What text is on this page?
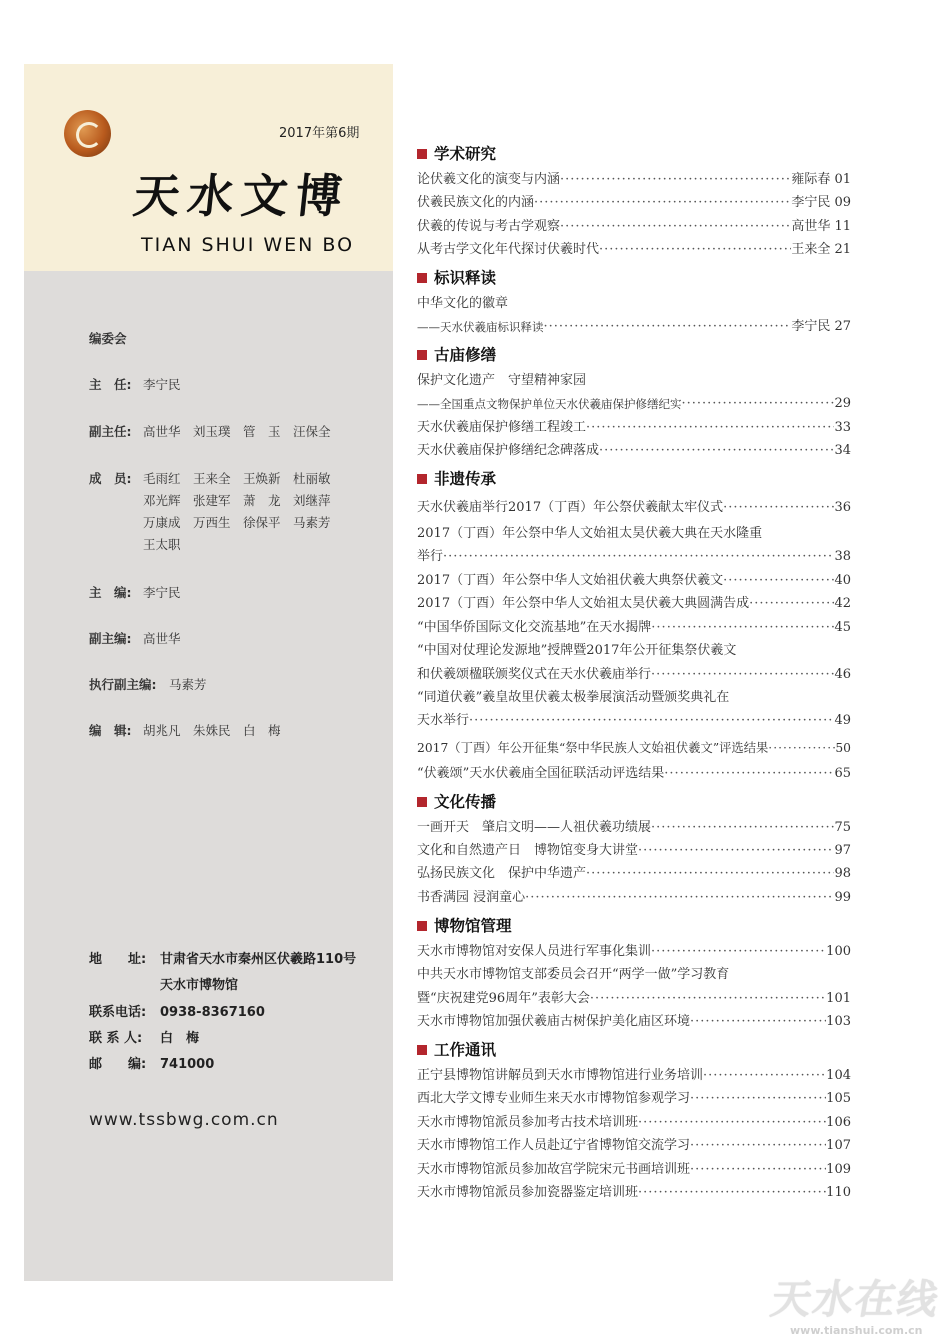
2017年第6期
天水文博
TIAN SHUI WEN BO
编委会
主　任: 李宁民
副主任: 高世华　刘玉璞　管　玉　汪保全
成　员: 毛雨红　王来全　王焕新　杜丽敏
邓光辉　张建军　萧　龙　刘继萍
万康成　万西生　徐保平　马素芳
王太职
主　编: 李宁民
副主编: 高世华
执行副主编: 马素芳
编　辑: 胡兆凡　朱姝民　白　梅
地　　址: 甘肃省天水市秦州区伏羲路110号
天水市博物馆
联系电话: 0938-8367160
联 系 人: 白　梅
邮　　编: 741000
www.tssbwg.com.cn
学术研究
论伏羲文化的演变与内涵 ·····	雍际春 01
伏羲民族文化的内涵 ·····	李宁民 09
伏羲的传说与考古学观察 ·····	高世华 11
从考古学文化年代探讨伏羲时代 ·····	王来全 21
标识释读
中华文化的徽章
——天水伏羲庙标识释读 ·····	李宁民 27
古庙修缮
保护文化遗产　守望精神家园
——全国重点文物保护单位天水伏羲庙保护修缮纪实 ·····	29
天水伏羲庙保护修缮工程竣工 ·····	33
天水伏羲庙保护修缮纪念碑落成 ·····	34
非遗传承
天水伏羲庙举行2017（丁酉）年公祭伏羲献太牢仪式 ·····	36
2017（丁酉）年公祭中华人文始祖太昊伏羲大典在天水隆重
举行 ·····	38
2017（丁酉）年公祭中华人文始祖伏羲大典祭伏羲文 ·····	40
2017（丁酉）年公祭中华人文始祖太昊伏羲大典圆满告成 ·····	42
“中国华侨国际文化交流基地”在天水揭牌 ·····	45
“中国对仗理论发源地”授牌暨2017年公开征集祭伏羲文
和伏羲颂楹联颁奖仪式在天水伏羲庙举行 ·····	46
“同道伏羲”羲皇故里伏羲太极拳展演活动暨颁奖典礼在
天水举行 ·····	49
2017（丁酉）年公开征集“祭中华民族人文始祖伏羲文”评选结果 ·····	50
“伏羲颂”天水伏羲庙全国征联活动评选结果 ·····	65
文化传播
一画开天　肇启文明——人祖伏羲功绩展 ·····	75
文化和自然遗产日　博物馆变身大讲堂 ·····	97
弘扬民族文化　保护中华遗产 ·····	98
书香满园 浸润童心 ·····	99
博物馆管理
天水市博物馆对安保人员进行军事化集训 ·····	100
中共天水市博物馆支部委员会召开“两学一做”学习教育
暨“庆祝建党96周年”表彰大会 ·····	101
天水市博物馆加强伏羲庙古树保护美化庙区环境 ·····	103
工作通讯
正宁县博物馆讲解员到天水市博物馆进行业务培训 ·····	104
西北大学文博专业师生来天水市博物馆参观学习 ·····	105
天水市博物馆派员参加考古技术培训班 ·····	106
天水市博物馆工作人员赴辽宁省博物馆交流学习 ·····	107
天水市博物馆派员参加故宫学院宋元书画培训班 ·····	109
天水市博物馆派员参加瓷器鉴定培训班 ·····	110
天水在线
www.tianshui.com.cn
